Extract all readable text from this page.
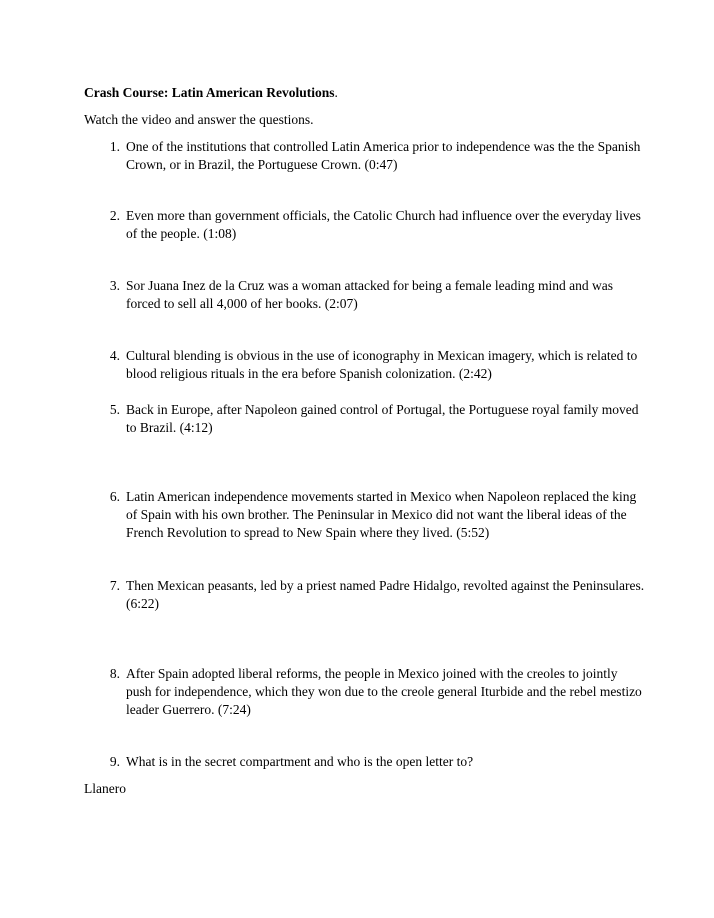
Crash Course: Latin American Revolutions.
Watch the video and answer the questions.
1. One of the institutions that controlled Latin America prior to independence was the the Spanish Crown, or in Brazil, the Portuguese Crown. (0:47)
2. Even more than government officials, the Catolic Church had influence over the everyday lives of the people. (1:08)
3. Sor Juana Inez de la Cruz was a woman attacked for being a female leading mind and was forced to sell all 4,000 of her books. (2:07)
4. Cultural blending is obvious in the use of iconography in Mexican imagery, which is related to blood religious rituals in the era before Spanish colonization. (2:42)
5. Back in Europe, after Napoleon gained control of Portugal, the Portuguese royal family moved to Brazil. (4:12)
6. Latin American independence movements started in Mexico when Napoleon replaced the king of Spain with his own brother. The Peninsular in Mexico did not want the liberal ideas of the French Revolution to spread to New Spain where they lived. (5:52)
7. Then Mexican peasants, led by a priest named Padre Hidalgo, revolted against the Peninsulares. (6:22)
8. After Spain adopted liberal reforms, the people in Mexico joined with the creoles to jointly push for independence, which they won due to the creole general Iturbide and the rebel mestizo leader Guerrero. (7:24)
9. What is in the secret compartment and who is the open letter to?
Llanero
